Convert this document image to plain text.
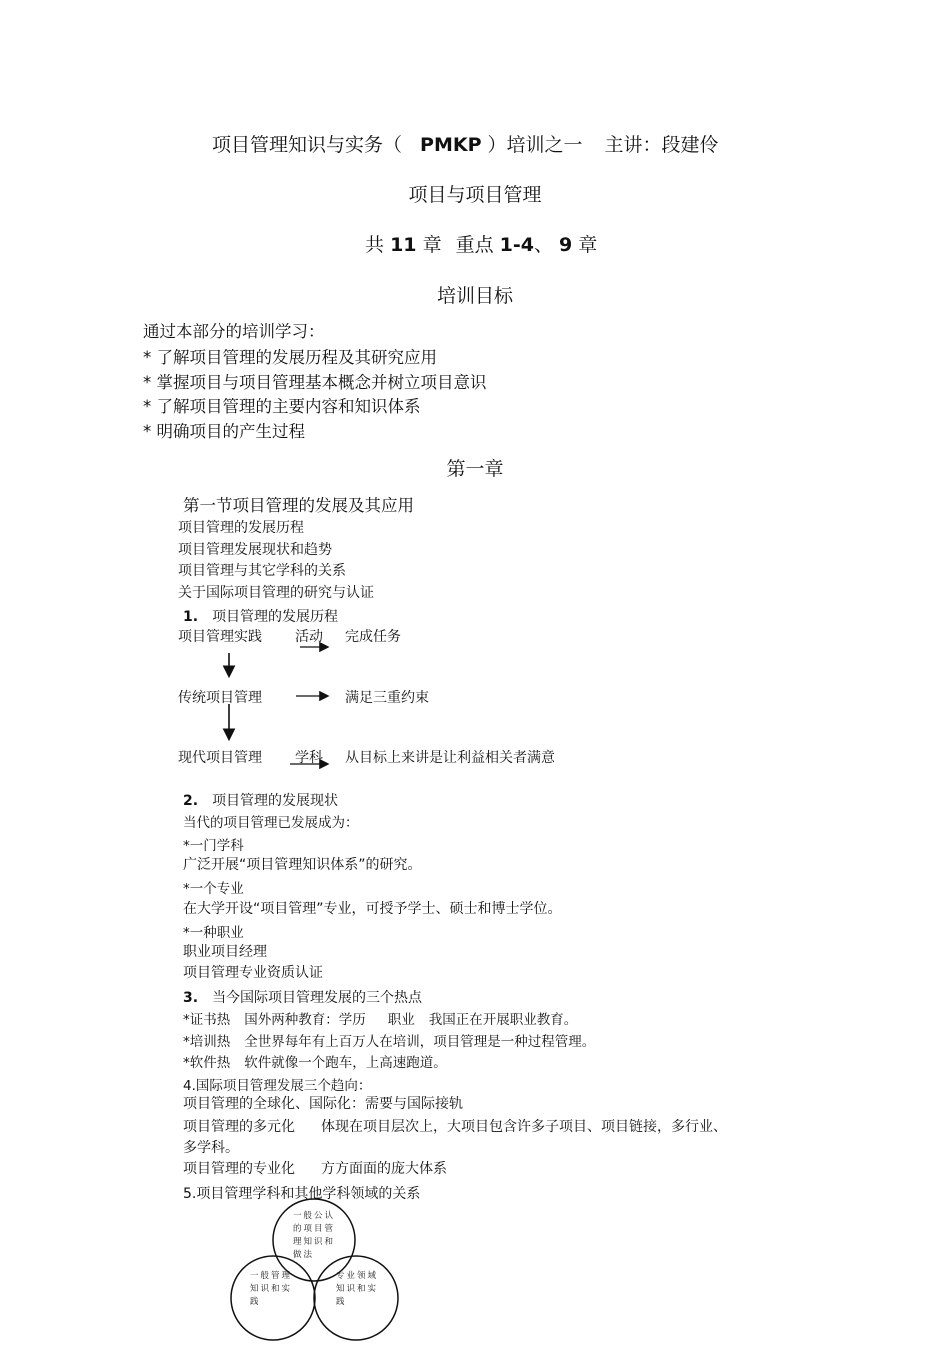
项目管理知识与实务（ PMKP ）培训之一 主讲：段建伶
项目与项目管理
共 11 章 重点 1-4、 9 章
培训目标
通过本部分的培训学习：
* 了解项目管理的发展历程及其研究应用
* 掌握项目与项目管理基本概念并树立项目意识
* 了解项目管理的主要内容和知识体系
* 明确项目的产生过程
第一章
第一节项目管理的发展及其应用
项目管理的发展历程
项目管理发展现状和趋势
项目管理与其它学科的关系
关于国际项目管理的研究与认证
1. 项目管理的发展历程
项目管理实践 活动 完成任务
传统项目管理	满足三重约束
现代项目管理 学科 从目标上来讲是让利益相关者满意
2. 项目管理的发展现状
当代的项目管理已发展成为：
*一门学科
广泛开展“项目管理知识体系”的研究。
*一个专业
在大学开设“项目管理”专业，可授予学士、硕士和博士学位。
*一种职业
职业项目经理
项目管理专业资质认证
3. 当今国际项目管理发展的三个热点
*证书热 国外两种教育：学历 职业 我国正在开展职业教育。
*培训热 全世界每年有上百万人在培训，项目管理是一种过程管理。
*软件热 软件就像一个跑车，上高速跑道。
4.国际项目管理发展三个趋向：
项目管理的全球化、国际化：需要与国际接轨
项目管理的多元化 体现在项目层次上，大项目包含许多子项目、项目链接，多行业、
多学科。
项目管理的专业化 方方面面的庞大体系
5.项目管理学科和其他学科领域的关系
一般公认的项目管理知识和做法
一般管理知识和实践
专业领域知识和实践
